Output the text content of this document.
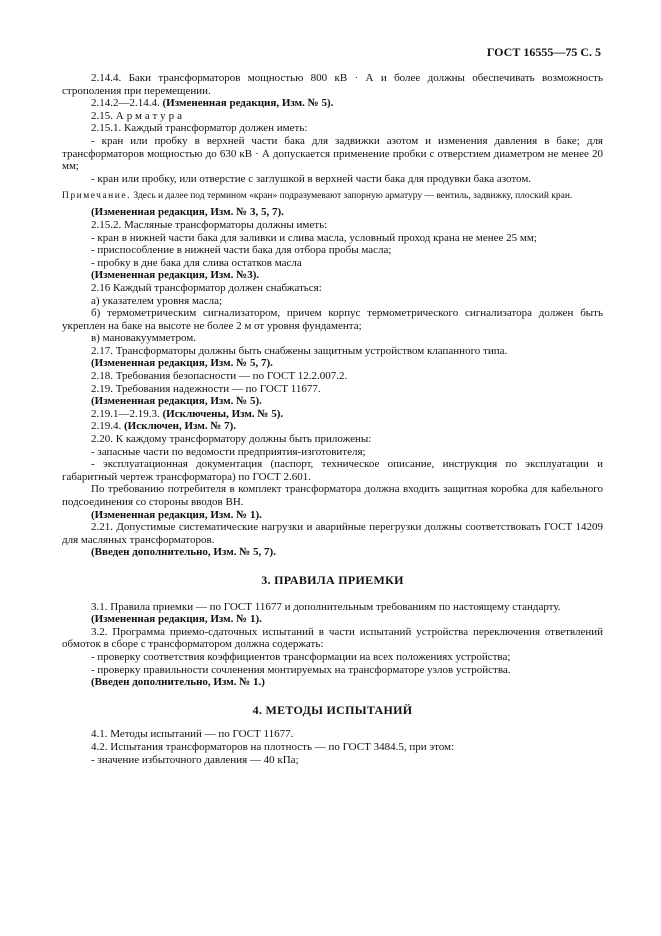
ГОСТ 16555—75 С. 5

2.14.4. Баки трансформаторов мощностью 800 кВ · А и более должны обеспечивать возможность строполения при перемещении.

2.14.2—2.14.4. (Измененная редакция, Изм. № 5).

2.15. Арматура

2.15.1. Каждый трансформатор должен иметь:

- кран или пробку в верхней части бака для задвижки азотом и изменения давления в баке; для трансформаторов мощностью до 630 кВ · А допускается применение пробки с отверстием диаметром не менее 20 мм;

- кран или пробку, или отверстие с заглушкой в верхней части бака для продувки бака азотом.

Примечание. Здесь и далее под термином «кран» подразумевают запорную арматуру — вентиль, задвижку, плоский кран.

(Измененная редакция, Изм. № 3, 5, 7).

2.15.2. Масляные трансформаторы должны иметь:

- кран в нижней части бака для заливки и слива масла, условный проход крана не менее 25 мм;

- приспособление в нижней части бака для отбора пробы масла;

- пробку в дне бака для слива остатков масла

(Измененная редакция, Изм. №3).

2.16 Каждый трансформатор должен снабжаться:

а) указателем уровня масла;

б) термометрическим сигнализатором, причем корпус термометрического сигнализатора должен быть укреплен на баке на высоте не более 2 м от уровня фундамента;

в) мановакуумметром.

2.17. Трансформаторы должны быть снабжены защитным устройством клапанного типа.

(Измененная редакция, Изм. № 5, 7).

2.18. Требования безопасности — по ГОСТ 12.2.007.2.

2.19. Требования надежности — по ГОСТ 11677.

(Измененная редакция, Изм. № 5).

2.19.1—2.19.3. (Исключены, Изм. № 5).

2.19.4. (Исключен, Изм. № 7).

2.20. К каждому трансформатору должны быть приложены:

- запасные части по ведомости предприятия-изготовителя;

- эксплуатационная документация (паспорт, техническое описание, инструкция по эксплуатации и габаритный чертеж трансформатора) по ГОСТ 2.601.

По требованию потребителя в комплект трансформатора должна входить защитная коробка для кабельного подсоединения со стороны вводов ВН.

(Измененная редакция, Изм. № 1).

2.21. Допустимые систематические нагрузки и аварийные перегрузки должны соответствовать ГОСТ 14209 для масляных трансформаторов.

(Введен дополнительно, Изм. № 5, 7).

3. ПРАВИЛА ПРИЕМКИ

3.1. Правила приемки — по ГОСТ 11677 и дополнительным требованиям по настоящему стандарту.

(Измененная редакция, Изм. № 1).

3.2. Программа приемо-сдаточных испытаний в части испытаний устройства переключения ответвлений обмоток в сборе с трансформатором должна содержать:

- проверку соответствия коэффициентов трансформации на всех положениях устройства;

- проверку правильности сочленения монтируемых на трансформаторе узлов устройства.

(Введен дополнительно, Изм. № 1.)

4. МЕТОДЫ ИСПЫТАНИЙ

4.1. Методы испытаний — по ГОСТ 11677.

4.2. Испытания трансформаторов на плотность — по ГОСТ 3484.5, при этом:

- значение избыточного давления — 40 кПа;
